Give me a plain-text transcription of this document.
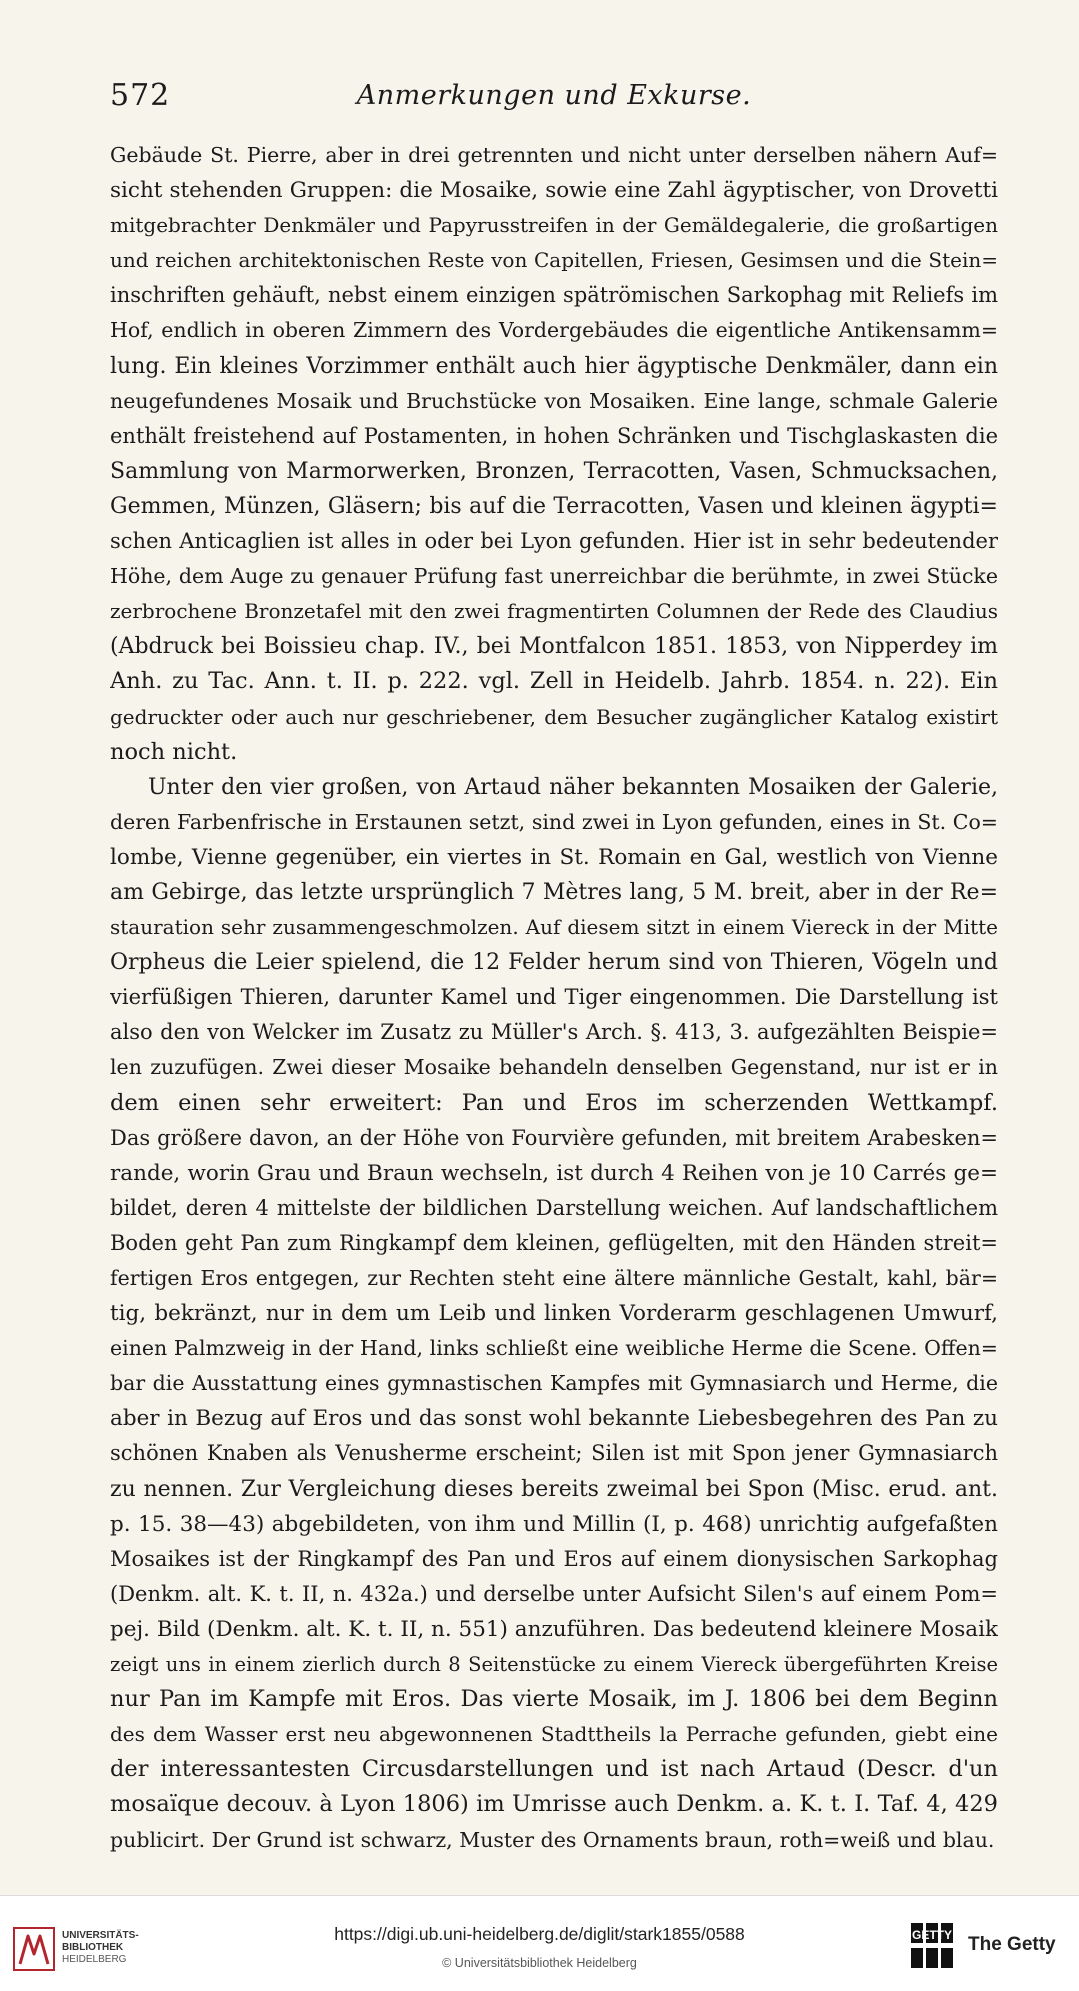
572	Anmerkungen und Exkurse.
Gebäude St. Pierre, aber in drei getrennten und nicht unter derselben nähern Auf=
sicht stehenden Gruppen: die Mosaike, sowie eine Zahl ägyptischer, von Drovetti
mitgebrachter Denkmäler und Papyrusstreifen in der Gemäldegalerie, die großartigen
und reichen architektonischen Reste von Capitellen, Friesen, Gesimsen und die Stein=
inschriften gehäuft, nebst einem einzigen spätrömischen Sarkophag mit Reliefs im
Hof, endlich in oberen Zimmern des Vordergebäudes die eigentliche Antikensamm=
lung. Ein kleines Vorzimmer enthält auch hier ägyptische Denkmäler, dann ein
neugefundenes Mosaik und Bruchstücke von Mosaiken. Eine lange, schmale Galerie
enthält freistehend auf Postamenten, in hohen Schränken und Tischglaskasten die
Sammlung von Marmorwerken, Bronzen, Terracotten, Vasen, Schmucksachen,
Gemmen, Münzen, Gläsern; bis auf die Terracotten, Vasen und kleinen ägypti=
schen Anticaglien ist alles in oder bei Lyon gefunden. Hier ist in sehr bedeutender
Höhe, dem Auge zu genauer Prüfung fast unerreichbar die berühmte, in zwei Stücke
zerbrochene Bronzetafel mit den zwei fragmentirten Columnen der Rede des Claudius
(Abdruck bei Boissieu chap. IV., bei Montfalcon 1851. 1853, von Nipperdey im
Anh. zu Tac. Ann. t. II. p. 222. vgl. Zell in Heidelb. Jahrb. 1854. n. 22). Ein
gedruckter oder auch nur geschriebener, dem Besucher zugänglicher Katalog existirt
noch nicht.
Unter den vier großen, von Artaud näher bekannten Mosaiken der Galerie,
deren Farbenfrische in Erstaunen setzt, sind zwei in Lyon gefunden, eines in St. Co=
lombe, Vienne gegenüber, ein viertes in St. Romain en Gal, westlich von Vienne
am Gebirge, das letzte ursprünglich 7 Mètres lang, 5 M. breit, aber in der Re=
stauration sehr zusammengeschmolzen. Auf diesem sitzt in einem Viereck in der Mitte
Orpheus die Leier spielend, die 12 Felder herum sind von Thieren, Vögeln und
vierfüßigen Thieren, darunter Kamel und Tiger eingenommen. Die Darstellung ist
also den von Welcker im Zusatz zu Müller's Arch. §. 413, 3. aufgezählten Beispie=
len zuzufügen. Zwei dieser Mosaike behandeln denselben Gegenstand, nur ist er in
dem einen sehr erweitert: Pan und Eros im scherzenden Wettkampf.
Das größere davon, an der Höhe von Fourvière gefunden, mit breitem Arabesken=
rande, worin Grau und Braun wechseln, ist durch 4 Reihen von je 10 Carrés ge=
bildet, deren 4 mittelste der bildlichen Darstellung weichen. Auf landschaftlichem
Boden geht Pan zum Ringkampf dem kleinen, geflügelten, mit den Händen streit=
fertigen Eros entgegen, zur Rechten steht eine ältere männliche Gestalt, kahl, bär=
tig, bekränzt, nur in dem um Leib und linken Vorderarm geschlagenen Umwurf,
einen Palmzweig in der Hand, links schließt eine weibliche Herme die Scene. Offen=
bar die Ausstattung eines gymnastischen Kampfes mit Gymnasiarch und Herme, die
aber in Bezug auf Eros und das sonst wohl bekannte Liebesbegehren des Pan zu
schönen Knaben als Venusherme erscheint; Silen ist mit Spon jener Gymnasiarch
zu nennen. Zur Vergleichung dieses bereits zweimal bei Spon (Misc. erud. ant.
p. 15. 38—43) abgebildeten, von ihm und Millin (I, p. 468) unrichtig aufgefaßten
Mosaikes ist der Ringkampf des Pan und Eros auf einem dionysischen Sarkophag
(Denkm. alt. K. t. II, n. 432a.) und derselbe unter Aufsicht Silen's auf einem Pom=
pej. Bild (Denkm. alt. K. t. II, n. 551) anzuführen. Das bedeutend kleinere Mosaik
zeigt uns in einem zierlich durch 8 Seitenstücke zu einem Viereck übergeführten Kreise
nur Pan im Kampfe mit Eros. Das vierte Mosaik, im J. 1806 bei dem Beginn
des dem Wasser erst neu abgewonnenen Stadttheils la Perrache gefunden, giebt eine
der interessantesten Circusdarstellungen und ist nach Artaud (Descr. d'un
mosaïque decouv. à Lyon 1806) im Umrisse auch Denkm. a. K. t. I. Taf. 4, 429
publicirt. Der Grund ist schwarz, Muster des Ornaments braun, roth=weiß und blau.
UNIVERSITÄTS-
BIBLIOTHEK
HEIDELBERG
https://digi.ub.uni-heidelberg.de/diglit/stark1855/0588
© Universitätsbibliothek Heidelberg
GETTY The Getty
